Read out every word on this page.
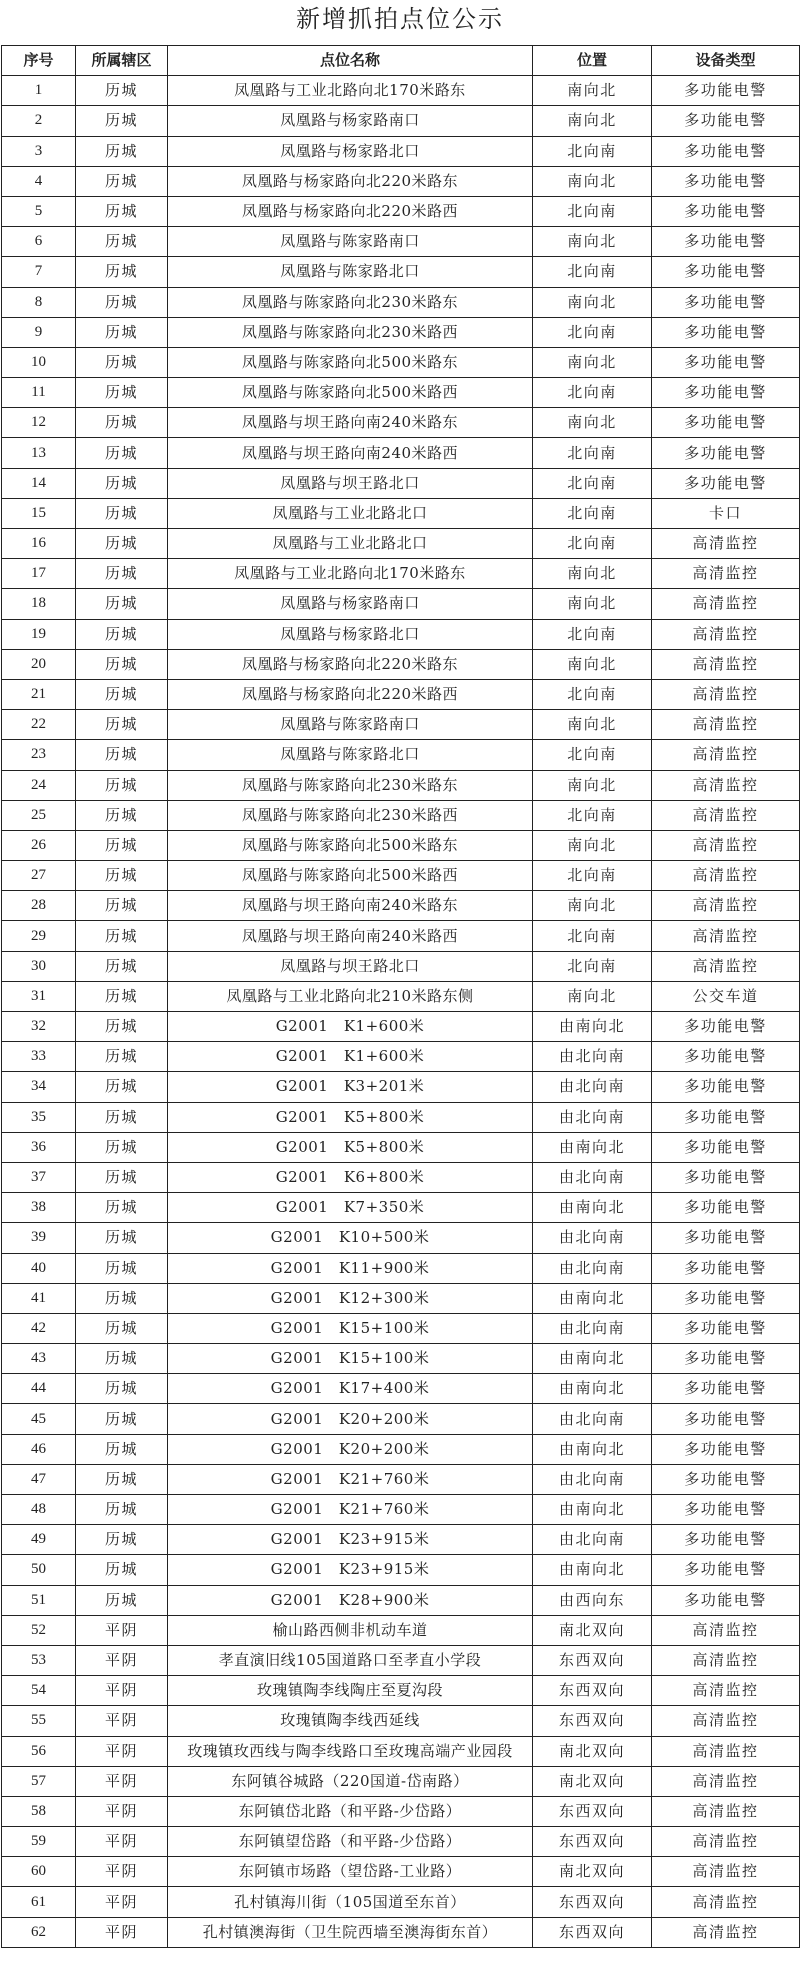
新增抓拍点位公示
序号	所属辖区	点位名称	位置	设备类型
1	历城	凤凰路与工业北路向北170米路东	南向北	多功能电警
2	历城	凤凰路与杨家路南口	南向北	多功能电警
3	历城	凤凰路与杨家路北口	北向南	多功能电警
4	历城	凤凰路与杨家路向北220米路东	南向北	多功能电警
5	历城	凤凰路与杨家路向北220米路西	北向南	多功能电警
6	历城	凤凰路与陈家路南口	南向北	多功能电警
7	历城	凤凰路与陈家路北口	北向南	多功能电警
8	历城	凤凰路与陈家路向北230米路东	南向北	多功能电警
9	历城	凤凰路与陈家路向北230米路西	北向南	多功能电警
10	历城	凤凰路与陈家路向北500米路东	南向北	多功能电警
11	历城	凤凰路与陈家路向北500米路西	北向南	多功能电警
12	历城	凤凰路与坝王路向南240米路东	南向北	多功能电警
13	历城	凤凰路与坝王路向南240米路西	北向南	多功能电警
14	历城	凤凰路与坝王路北口	北向南	多功能电警
15	历城	凤凰路与工业北路北口	北向南	卡口
16	历城	凤凰路与工业北路北口	北向南	高清监控
17	历城	凤凰路与工业北路向北170米路东	南向北	高清监控
18	历城	凤凰路与杨家路南口	南向北	高清监控
19	历城	凤凰路与杨家路北口	北向南	高清监控
20	历城	凤凰路与杨家路向北220米路东	南向北	高清监控
21	历城	凤凰路与杨家路向北220米路西	北向南	高清监控
22	历城	凤凰路与陈家路南口	南向北	高清监控
23	历城	凤凰路与陈家路北口	北向南	高清监控
24	历城	凤凰路与陈家路向北230米路东	南向北	高清监控
25	历城	凤凰路与陈家路向北230米路西	北向南	高清监控
26	历城	凤凰路与陈家路向北500米路东	南向北	高清监控
27	历城	凤凰路与陈家路向北500米路西	北向南	高清监控
28	历城	凤凰路与坝王路向南240米路东	南向北	高清监控
29	历城	凤凰路与坝王路向南240米路西	北向南	高清监控
30	历城	凤凰路与坝王路北口	北向南	高清监控
31	历城	凤凰路与工业北路向北210米路东侧	南向北	公交车道
32	历城	G2001　K1+600米	由南向北	多功能电警
33	历城	G2001　K1+600米	由北向南	多功能电警
34	历城	G2001　K3+201米	由北向南	多功能电警
35	历城	G2001　K5+800米	由北向南	多功能电警
36	历城	G2001　K5+800米	由南向北	多功能电警
37	历城	G2001　K6+800米	由北向南	多功能电警
38	历城	G2001　K7+350米	由南向北	多功能电警
39	历城	G2001　K10+500米	由北向南	多功能电警
40	历城	G2001　K11+900米	由北向南	多功能电警
41	历城	G2001　K12+300米	由南向北	多功能电警
42	历城	G2001　K15+100米	由北向南	多功能电警
43	历城	G2001　K15+100米	由南向北	多功能电警
44	历城	G2001　K17+400米	由南向北	多功能电警
45	历城	G2001　K20+200米	由北向南	多功能电警
46	历城	G2001　K20+200米	由南向北	多功能电警
47	历城	G2001　K21+760米	由北向南	多功能电警
48	历城	G2001　K21+760米	由南向北	多功能电警
49	历城	G2001　K23+915米	由北向南	多功能电警
50	历城	G2001　K23+915米	由南向北	多功能电警
51	历城	G2001　K28+900米	由西向东	多功能电警
52	平阴	榆山路西侧非机动车道	南北双向	高清监控
53	平阴	孝直演旧线105国道路口至孝直小学段	东西双向	高清监控
54	平阴	玫瑰镇陶李线陶庄至夏沟段	东西双向	高清监控
55	平阴	玫瑰镇陶李线西延线	东西双向	高清监控
56	平阴	玫瑰镇玫西线与陶李线路口至玫瑰高端产业园段	南北双向	高清监控
57	平阴	东阿镇谷城路（220国道-岱南路）	南北双向	高清监控
58	平阴	东阿镇岱北路（和平路-少岱路）	东西双向	高清监控
59	平阴	东阿镇望岱路（和平路-少岱路）	东西双向	高清监控
60	平阴	东阿镇市场路（望岱路-工业路）	南北双向	高清监控
61	平阴	孔村镇海川街（105国道至东首）	东西双向	高清监控
62	平阴	孔村镇澳海街（卫生院西墙至澳海街东首）	东西双向	高清监控
